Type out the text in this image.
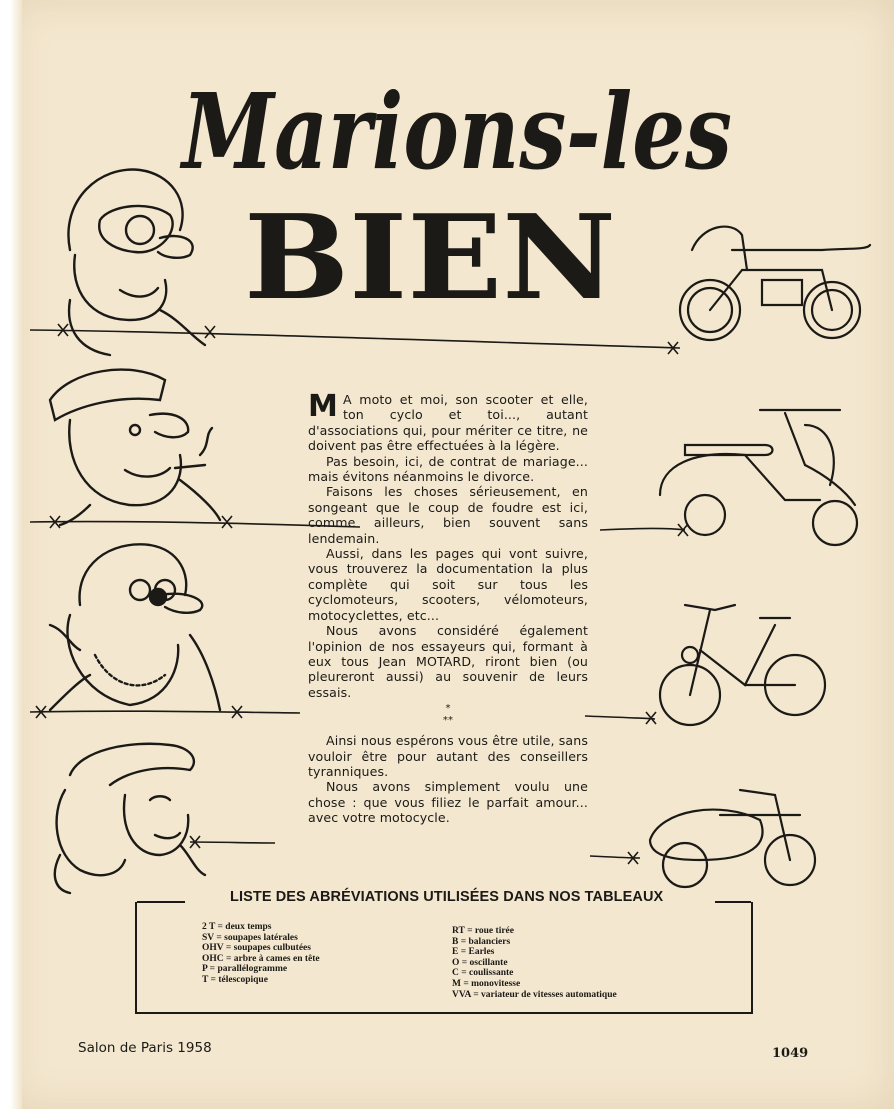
Marions-les
BIEN

M A moto et moi, son scooter et elle, ton cyclo et toi..., autant d'associations qui, pour mériter ce titre, ne doivent pas être effectuées à la légère.

Pas besoin, ici, de contrat de mariage... mais évitons néanmoins le divorce.

Faisons les choses sérieusement, en songeant que le coup de foudre est ici, comme ailleurs, bien souvent sans lendemain.

Aussi, dans les pages qui vont suivre, vous trouverez la documentation la plus complète qui soit sur tous les cyclomoteurs, scooters, vélomoteurs, motocyclettes, etc...

Nous avons considéré également l'opinion de nos essayeurs qui, formant à eux tous Jean MOTARD, riront bien (ou pleureront aussi) au souvenir de leurs essais.

*
**

Ainsi nous espérons vous être utile, sans vouloir être pour autant des conseillers tyranniques.

Nous avons simplement voulu une chose : que vous filiez le parfait amour... avec votre motocycle.

LISTE DES ABRÉVIATIONS UTILISÉES DANS NOS TABLEAUX
2 T = deux temps
SV = soupapes latérales
OHV = soupapes culbutées
OHC = arbre à cames en tête
P = parallélogramme
T = télescopique
RT = roue tirée
B = balanciers
E = Earles
O = oscillante
C = coulissante
M = monovitesse
VVA = variateur de vitesses automatique
Salon de Paris 1958	1049
